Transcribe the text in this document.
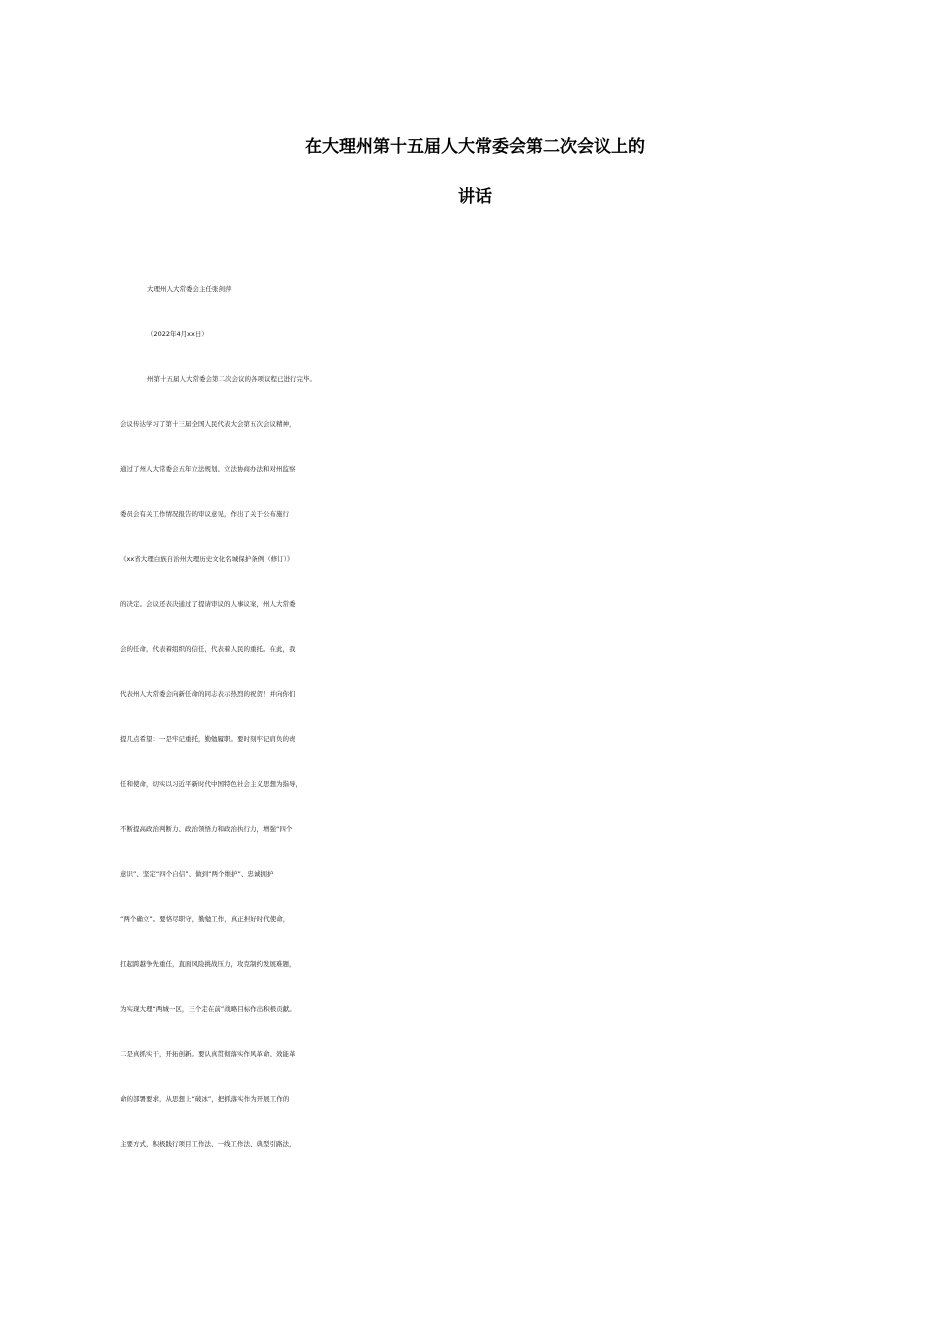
在大理州第十五届人大常委会第二次会议上的
讲话

大理州人大常委会主任张剑萍

（2022年4月xx日）

州第十五届人大常委会第二次会议的各项议程已进行完毕。

会议传达学习了第十三届全国人民代表大会第五次会议精神，

通过了州人大常委会五年立法规划、立法协商办法和对州监察

委员会有关工作情况报告的审议意见，作出了关于公布施行

《xx省大理白族自治州大理历史文化名城保护条例（修订）》

的决定。会议还表决通过了提请审议的人事议案，州人大常委

会的任命，代表着组织的信任，代表着人民的重托。在此，我

代表州人大常委会向新任命的同志表示热烈的祝贺！并向你们

提几点希望：一是牢记重托，勤勉履职。要时刻牢记肩负的责

任和使命，切实以习近平新时代中国特色社会主义思想为指导，

不断提高政治判断力、政治领悟力和政治执行力，增强“四个

意识”、坚定“四个自信”、做到“两个维护”、忠诚拥护

“两个确立”。要恪尽职守，勤勉工作，真正担好时代使命，

扛起跨越争先重任，直面风险挑战压力，攻克制约发展难题，

为实现大理“两城一区，三个走在前”战略目标作出积极贡献。

二是真抓实干，开拓创新。要认真贯彻落实作风革命、效能革

命的部署要求，从思想上“破冰”，把抓落实作为开展工作的

主要方式，积极践行项目工作法、一线工作法、典型引路法，
